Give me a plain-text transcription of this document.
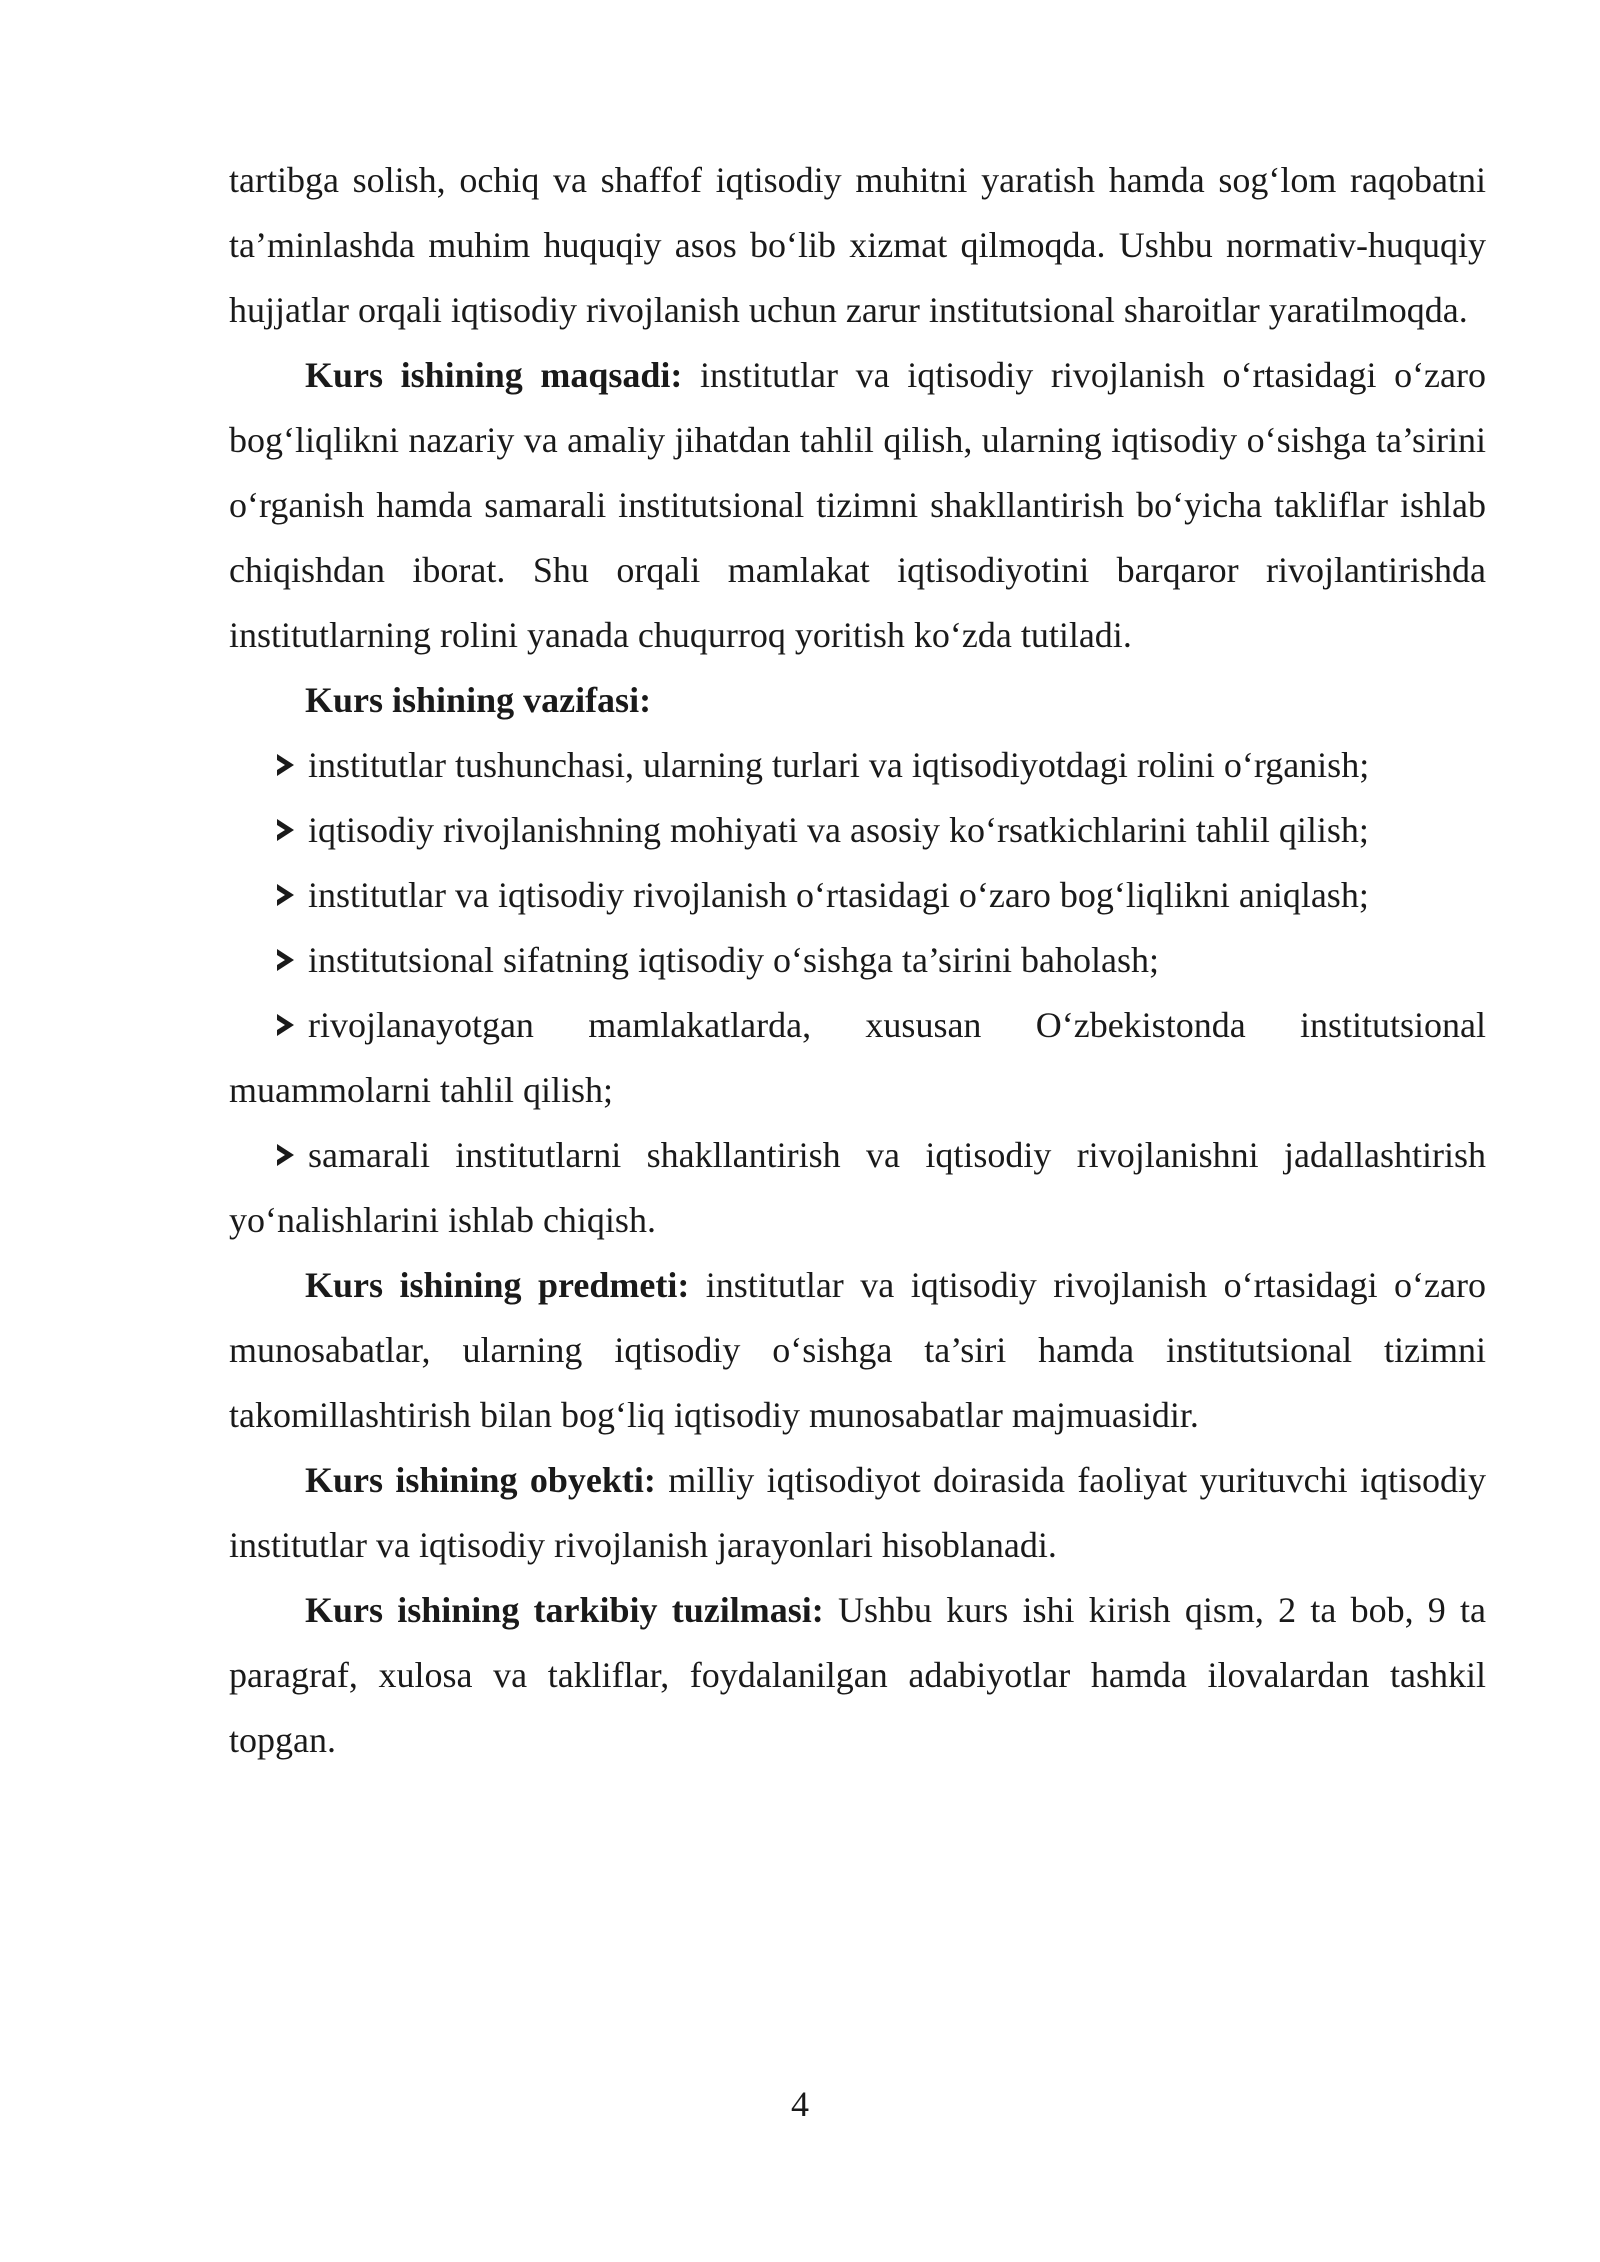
tartibga solish, ochiq va shaffof iqtisodiy muhitni yaratish hamda sog‘lom raqobatni ta’minlashda muhim huquqiy asos bo‘lib xizmat qilmoqda. Ushbu normativ-huquqiy hujjatlar orqali iqtisodiy rivojlanish uchun zarur institutsional sharoitlar yaratilmoqda.

Kurs ishining maqsadi: institutlar va iqtisodiy rivojlanish o‘rtasidagi o‘zaro bog‘liqlikni nazariy va amaliy jihatdan tahlil qilish, ularning iqtisodiy o‘sishga ta’sirini o‘rganish hamda samarali institutsional tizimni shakllantirish bo‘yicha takliflar ishlab chiqishdan iborat. Shu orqali mamlakat iqtisodiyotini barqaror rivojlantirishda institutlarning rolini yanada chuqurroq yoritish ko‘zda tutiladi.

Kurs ishining vazifasi:

institutlar tushunchasi, ularning turlari va iqtisodiyotdagi rolini o‘rganish;
iqtisodiy rivojlanishning mohiyati va asosiy ko‘rsatkichlarini tahlil qilish;
institutlar va iqtisodiy rivojlanish o‘rtasidagi o‘zaro bog‘liqlikni aniqlash;
institutsional sifatning iqtisodiy o‘sishga ta’sirini baholash;
rivojlanayotgan mamlakatlarda, xususan O‘zbekistonda institutsional muammolarni tahlil qilish;
samarali institutlarni shakllantirish va iqtisodiy rivojlanishni jadallashtirish yo‘nalishlarini ishlab chiqish.

Kurs ishining predmeti: institutlar va iqtisodiy rivojlanish o‘rtasidagi o‘zaro munosabatlar, ularning iqtisodiy o‘sishga ta’siri hamda institutsional tizimni takomillashtirish bilan bog‘liq iqtisodiy munosabatlar majmuasidir.

Kurs ishining obyekti: milliy iqtisodiyot doirasida faoliyat yurituvchi iqtisodiy institutlar va iqtisodiy rivojlanish jarayonlari hisoblanadi.

Kurs ishining tarkibiy tuzilmasi: Ushbu kurs ishi kirish qism, 2 ta bob, 9 ta paragraf, xulosa va takliflar, foydalanilgan adabiyotlar hamda ilovalardan tashkil topgan.

4
